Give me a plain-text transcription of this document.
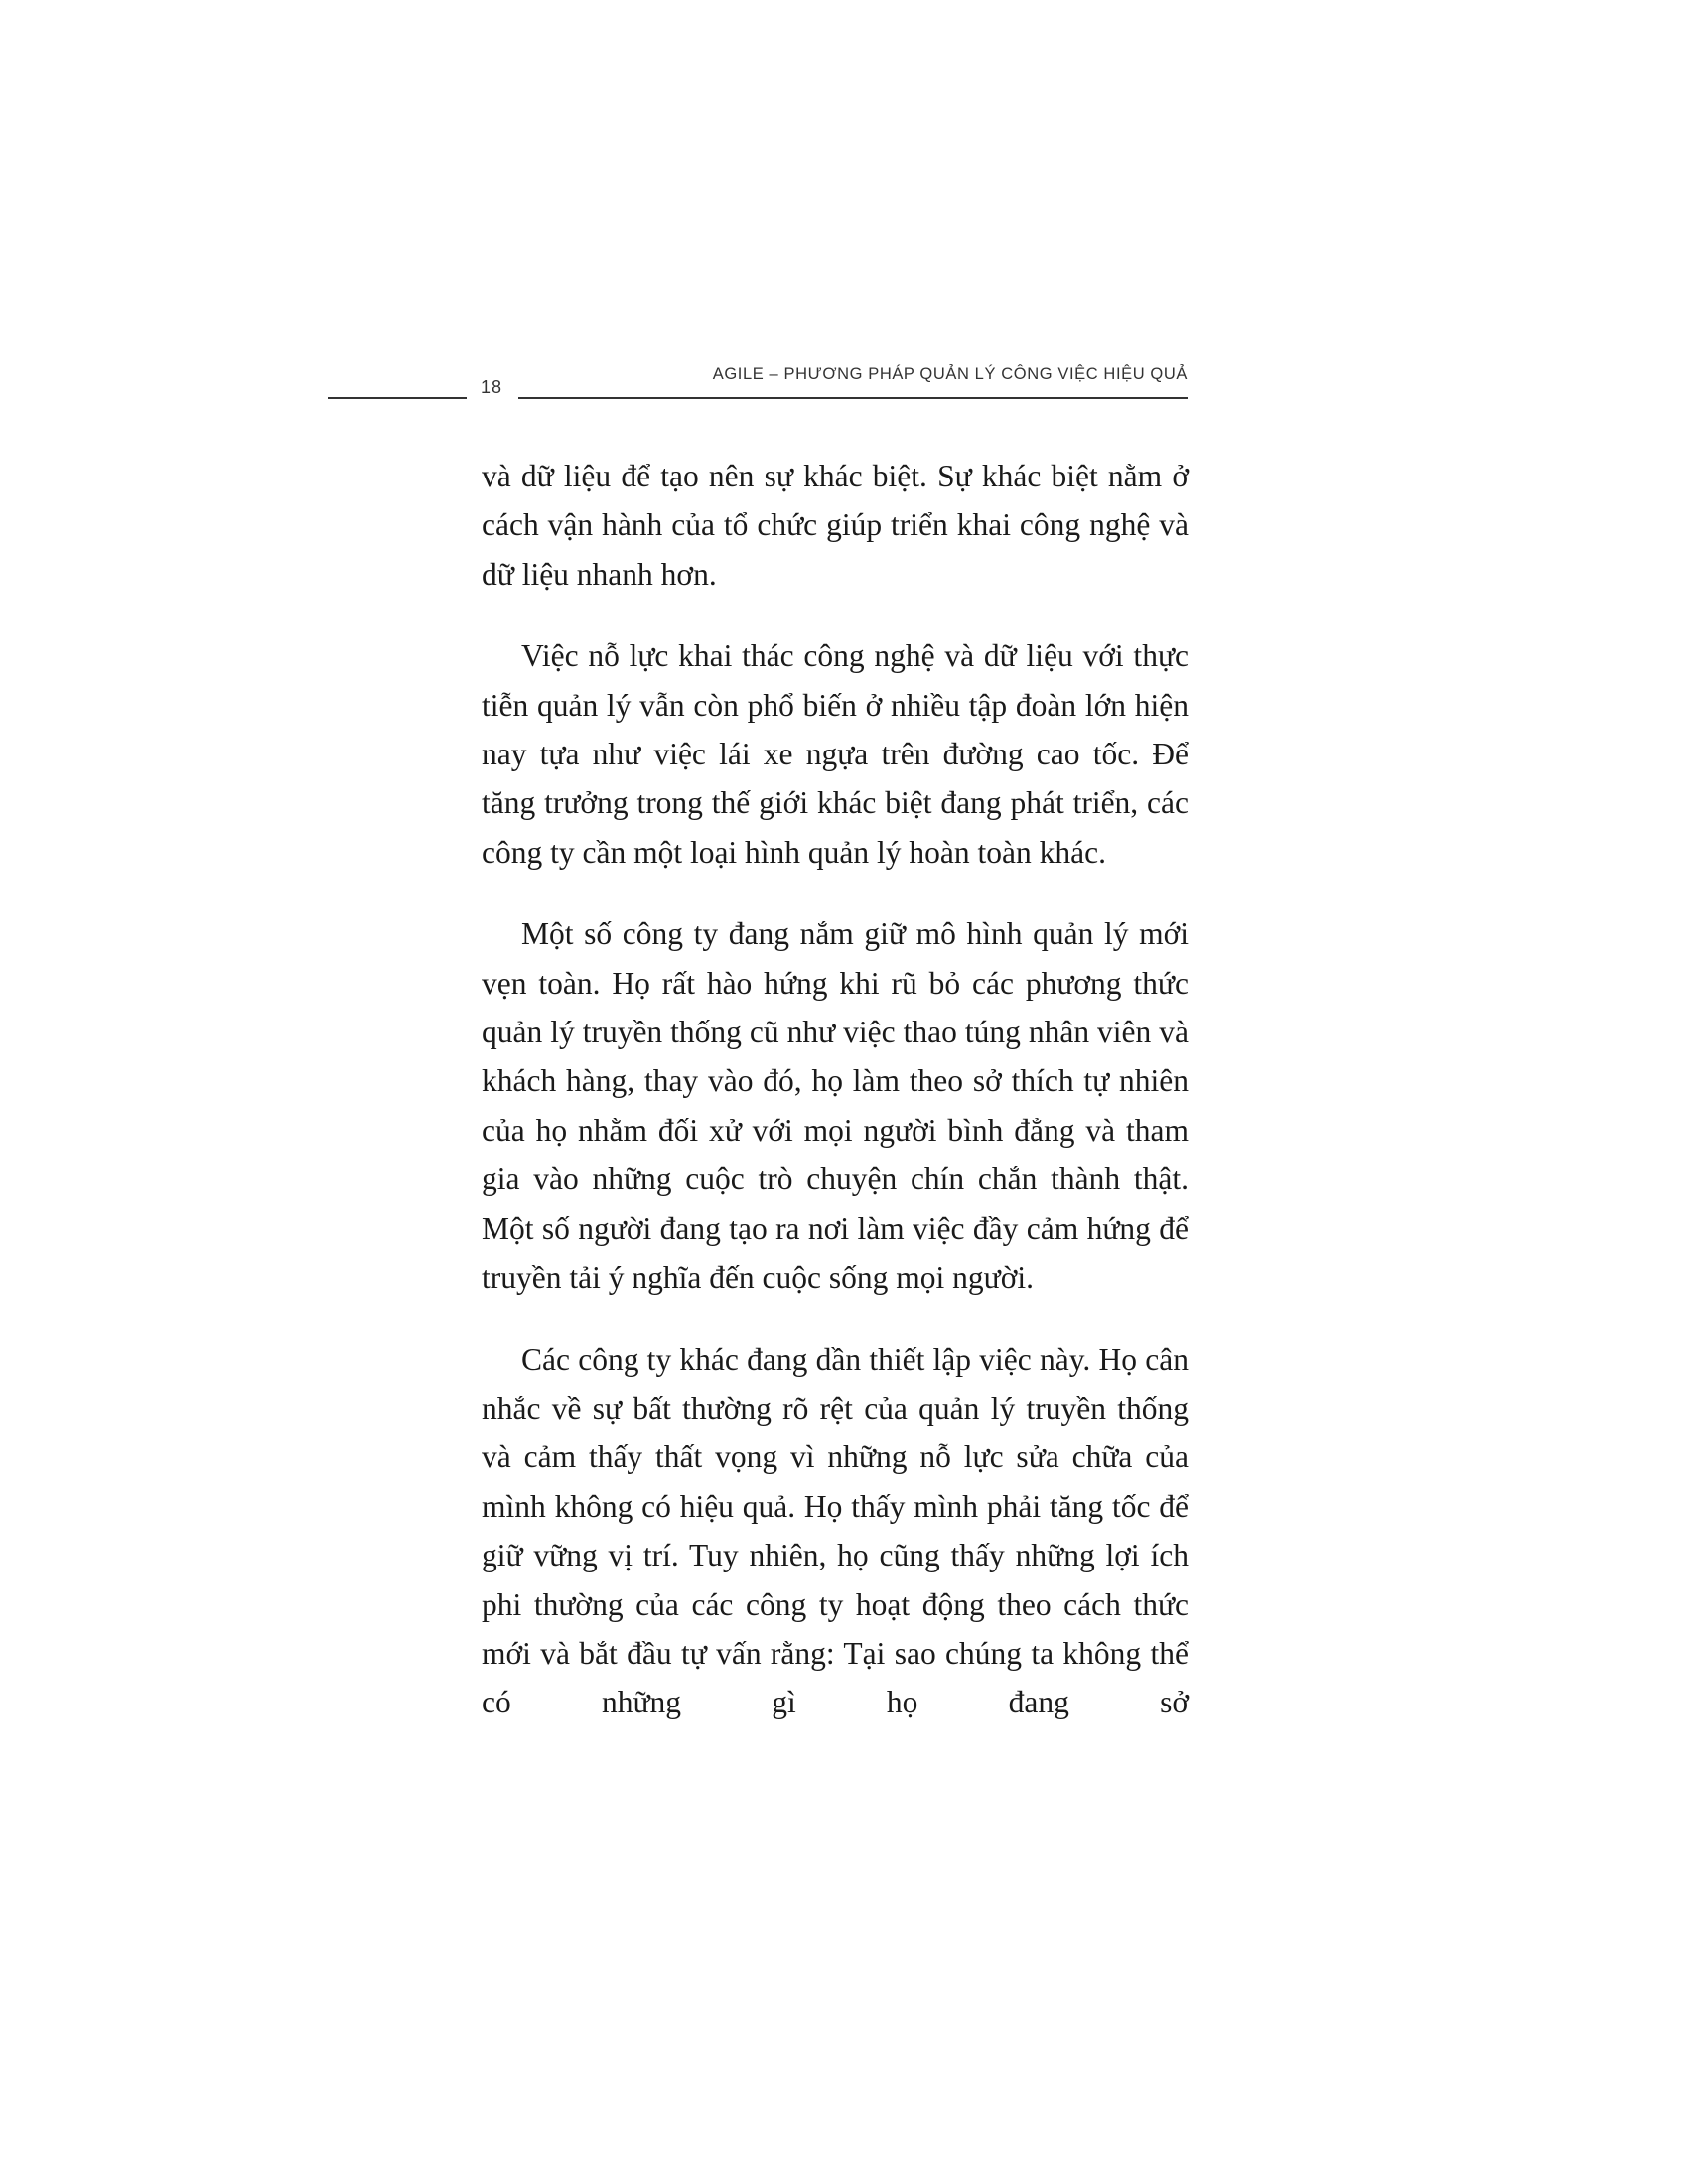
18
AGILE – PHƯƠNG PHÁP QUẢN LÝ CÔNG VIỆC HIỆU QUẢ

và dữ liệu để tạo nên sự khác biệt. Sự khác biệt nằm ở cách vận hành của tổ chức giúp triển khai công nghệ và dữ liệu nhanh hơn.

Việc nỗ lực khai thác công nghệ và dữ liệu với thực tiễn quản lý vẫn còn phổ biến ở nhiều tập đoàn lớn hiện nay tựa như việc lái xe ngựa trên đường cao tốc. Để tăng trưởng trong thế giới khác biệt đang phát triển, các công ty cần một loại hình quản lý hoàn toàn khác.

Một số công ty đang nắm giữ mô hình quản lý mới vẹn toàn. Họ rất hào hứng khi rũ bỏ các phương thức quản lý truyền thống cũ như việc thao túng nhân viên và khách hàng, thay vào đó, họ làm theo sở thích tự nhiên của họ nhằm đối xử với mọi người bình đẳng và tham gia vào những cuộc trò chuyện chín chắn thành thật. Một số người đang tạo ra nơi làm việc đầy cảm hứng để truyền tải ý nghĩa đến cuộc sống mọi người.

Các công ty khác đang dần thiết lập việc này. Họ cân nhắc về sự bất thường rõ rệt của quản lý truyền thống và cảm thấy thất vọng vì những nỗ lực sửa chữa của mình không có hiệu quả. Họ thấy mình phải tăng tốc để giữ vững vị trí. Tuy nhiên, họ cũng thấy những lợi ích phi thường của các công ty hoạt động theo cách thức mới và bắt đầu tự vấn rằng: Tại sao chúng ta không thể có những gì họ đang sở
